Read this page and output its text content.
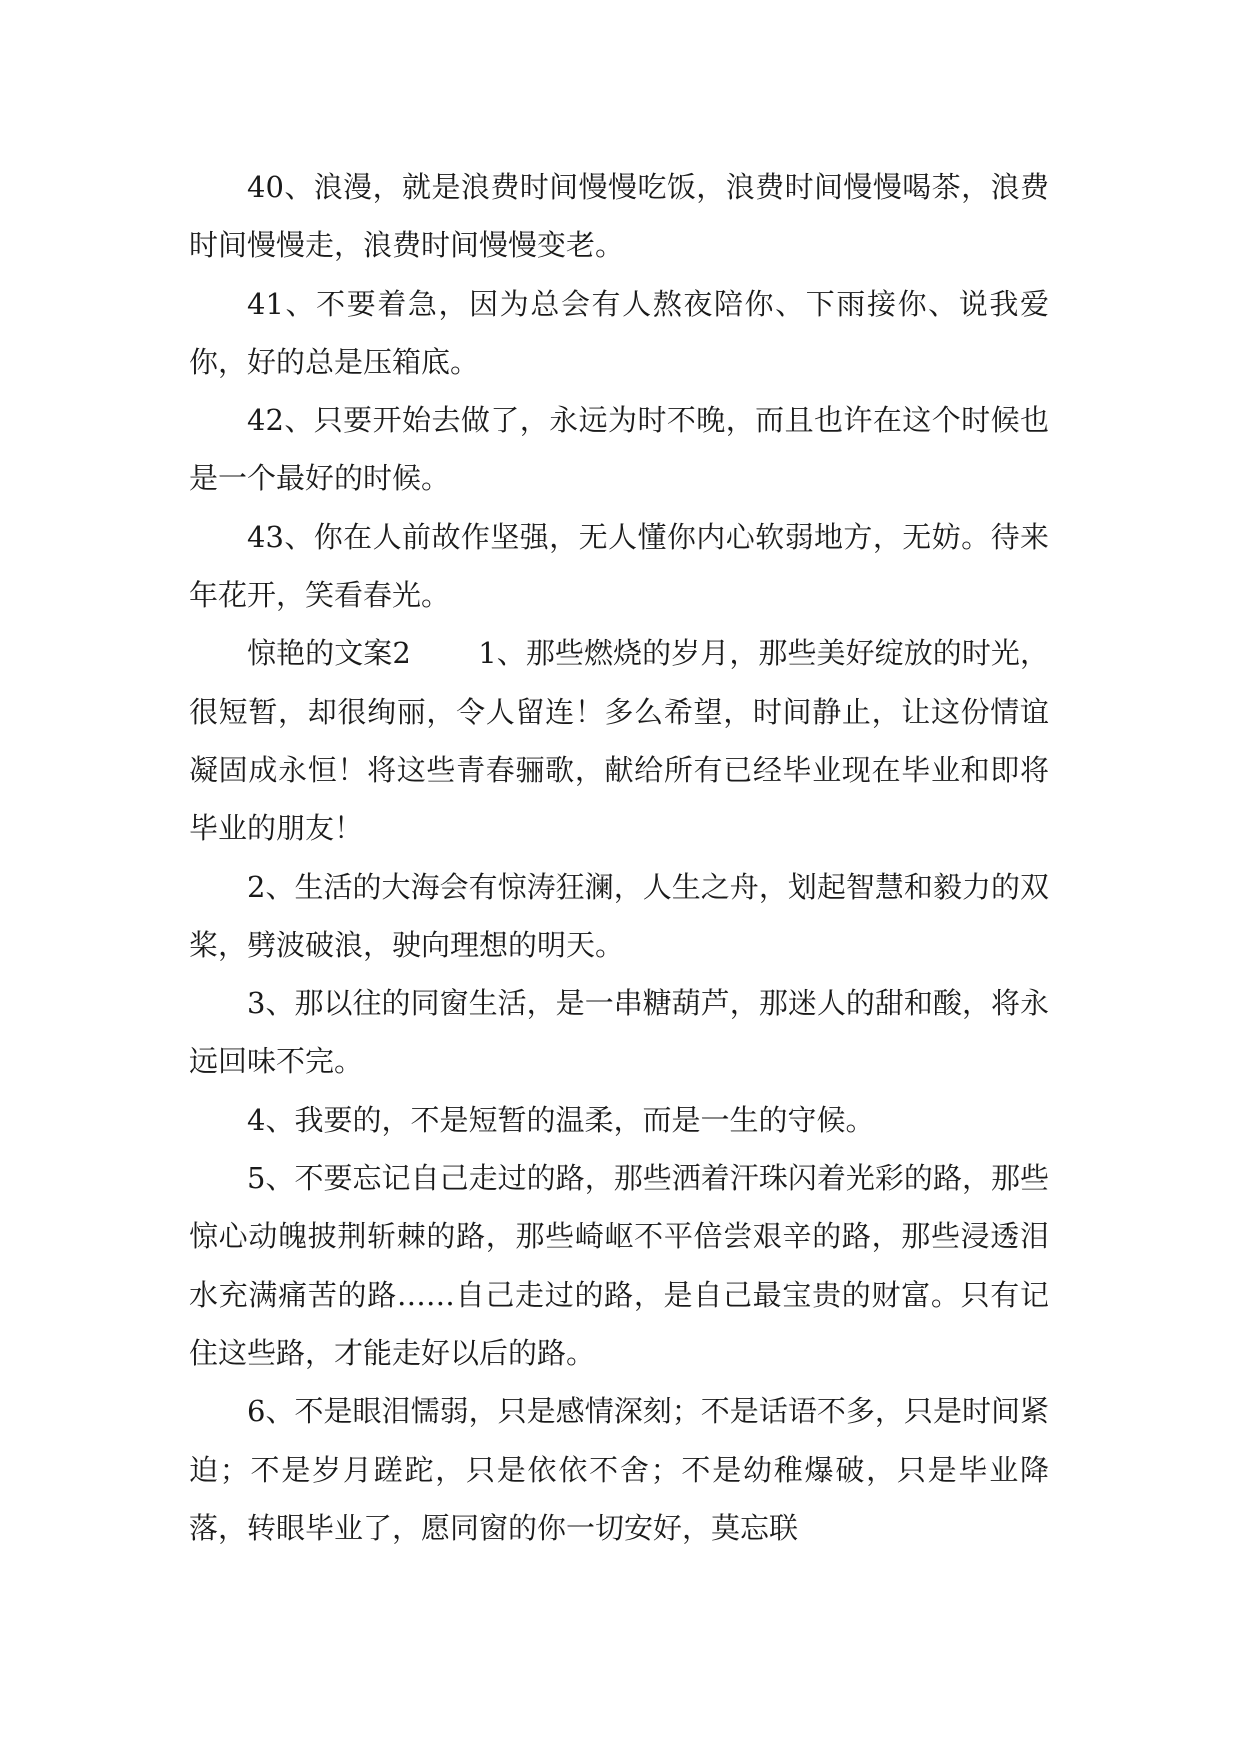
40、浪漫，就是浪费时间慢慢吃饭，浪费时间慢慢喝茶，浪费时间慢慢走，浪费时间慢慢变老。

41、不要着急，因为总会有人熬夜陪你、下雨接你、说我爱你，好的总是压箱底。

42、只要开始去做了，永远为时不晚，而且也许在这个时候也是一个最好的时候。

43、你在人前故作坚强，无人懂你内心软弱地方，无妨。待来年花开，笑看春光。

惊艳的文案2　　 1、那些燃烧的岁月，那些美好绽放的时光，很短暂，却很绚丽，令人留连！多么希望，时间静止，让这份情谊凝固成永恒！将这些青春骊歌，献给所有已经毕业现在毕业和即将毕业的朋友！

2、生活的大海会有惊涛狂澜，人生之舟，划起智慧和毅力的双桨，劈波破浪，驶向理想的明天。

3、那以往的同窗生活，是一串糖葫芦，那迷人的甜和酸，将永远回味不完。

4、我要的，不是短暂的温柔，而是一生的守候。

5、不要忘记自己走过的路，那些洒着汗珠闪着光彩的路，那些惊心动魄披荆斩棘的路，那些崎岖不平倍尝艰辛的路，那些浸透泪水充满痛苦的路……自己走过的路，是自己最宝贵的财富。只有记住这些路，才能走好以后的路。

6、不是眼泪懦弱，只是感情深刻；不是话语不多，只是时间紧迫；不是岁月蹉跎，只是依依不舍；不是幼稚爆破，只是毕业降落，转眼毕业了，愿同窗的你一切安好，莫忘联
